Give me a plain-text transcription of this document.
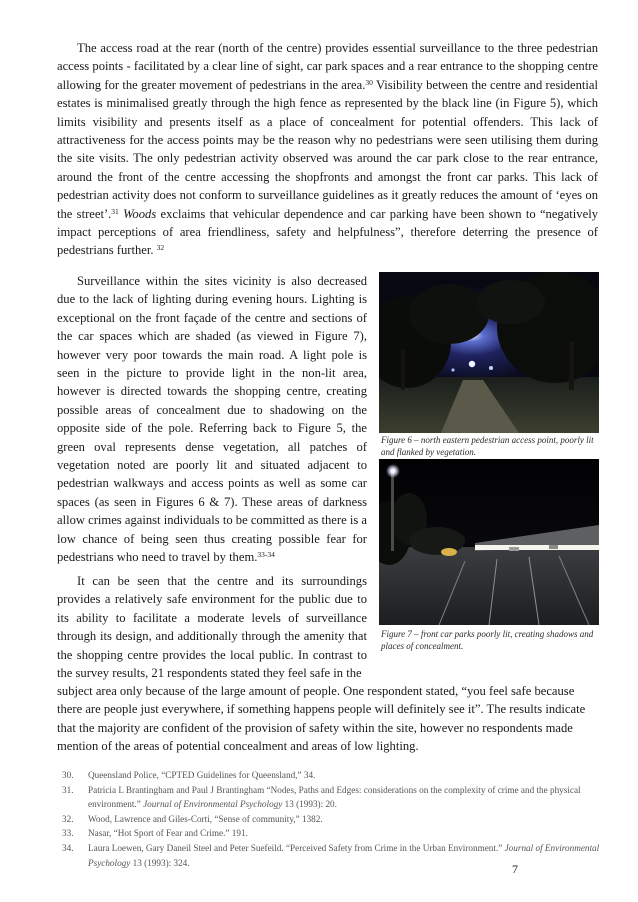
The access road at the rear (north of the centre) provides essential surveillance to the three pedestrian access points - facilitated by a clear line of sight, car park spaces and a rear entrance to the shopping centre allowing for the greater movement of pedestrians in the area.$^{30}$ Visibility between the centre and residential estates is minimalised greatly through the high fence as represented by the black line (in Figure 5), which limits visibility and presents itself as a place of concealment for potential offenders. This lack of attractiveness for the access points may be the reason why no pedestrians were seen utilising them during the site visits. The only pedestrian activity observed was around the car park close to the rear entrance, around the front of the centre accessing the shopfronts and amongst the front car parks. This lack of pedestrian activity does not conform to surveillance guidelines as it greatly reduces the amount of ‘eyes on the street’.$^{31}$ Woods exclaims that vehicular dependence and car parking have been shown to “negatively impact perceptions of area friendliness, safety and helpfulness”, therefore deterring the presence of pedestrians further. $^{32}$

Surveillance within the sites vicinity is also decreased due to the lack of lighting during evening hours. Lighting is exceptional on the front façade of the centre and sections of the car spaces which are shaded (as viewed in Figure 7), however very poor towards the main road. A light pole is seen in the picture to provide light in the non-lit area, however is directed towards the shopping centre, creating possible areas of concealment due to shadowing on the opposite side of the pole. Referring back to Figure 5, the green oval represents dense vegetation, all patches of vegetation noted are poorly lit and situated adjacent to pedestrian walkways and access points as well as some car spaces (as seen in Figures 6 & 7). These areas of darkness allow crimes against individuals to be committed as there is a low chance of being seen thus creating possible fear for pedestrians who need to travel by them.$^{33-34}$

It can be seen that the centre and its surroundings provides a relatively safe environment for the public due to its ability to facilitate a moderate levels of surveillance through its design, and additionally through the amenity that the shopping centre provides the local public. In contrast to the survey results, 21 respondents stated they feel safe in the

subject area only because of the large amount of people. One respondent stated, “you feel safe because there are people just everywhere, if something happens people will definitely see it”. The results indicate that the majority are confident of the provision of safety within the site, however no respondents made mention of the areas of potential concealment and areas of low lighting.

Figure 6 – north eastern pedestrian access point, poorly lit and flanked by vegetation.

Figure 7 – front car parks poorly lit, creating shadows and places of concealment.

30. Queensland Police, “CPTED Guidelines for Queensland,” 34.
31. Patricia L Brantingham and Paul J Brantingham “Nodes, Paths and Edges: considerations on the complexity of crime and the physical environment.” Journal of Environmental Psychology 13 (1993): 20.
32. Wood, Lawrence and Giles-Corti, “Sense of community,” 1382.
33. Nasar, “Hot Sport of Fear and Crime.” 191.
34. Laura Loewen, Gary Daneil Steel and Peter Suefeild. “Perceived Safety from Crime in the Urban Environment.” Journal of Environmental Psychology 13 (1993): 324.	7
